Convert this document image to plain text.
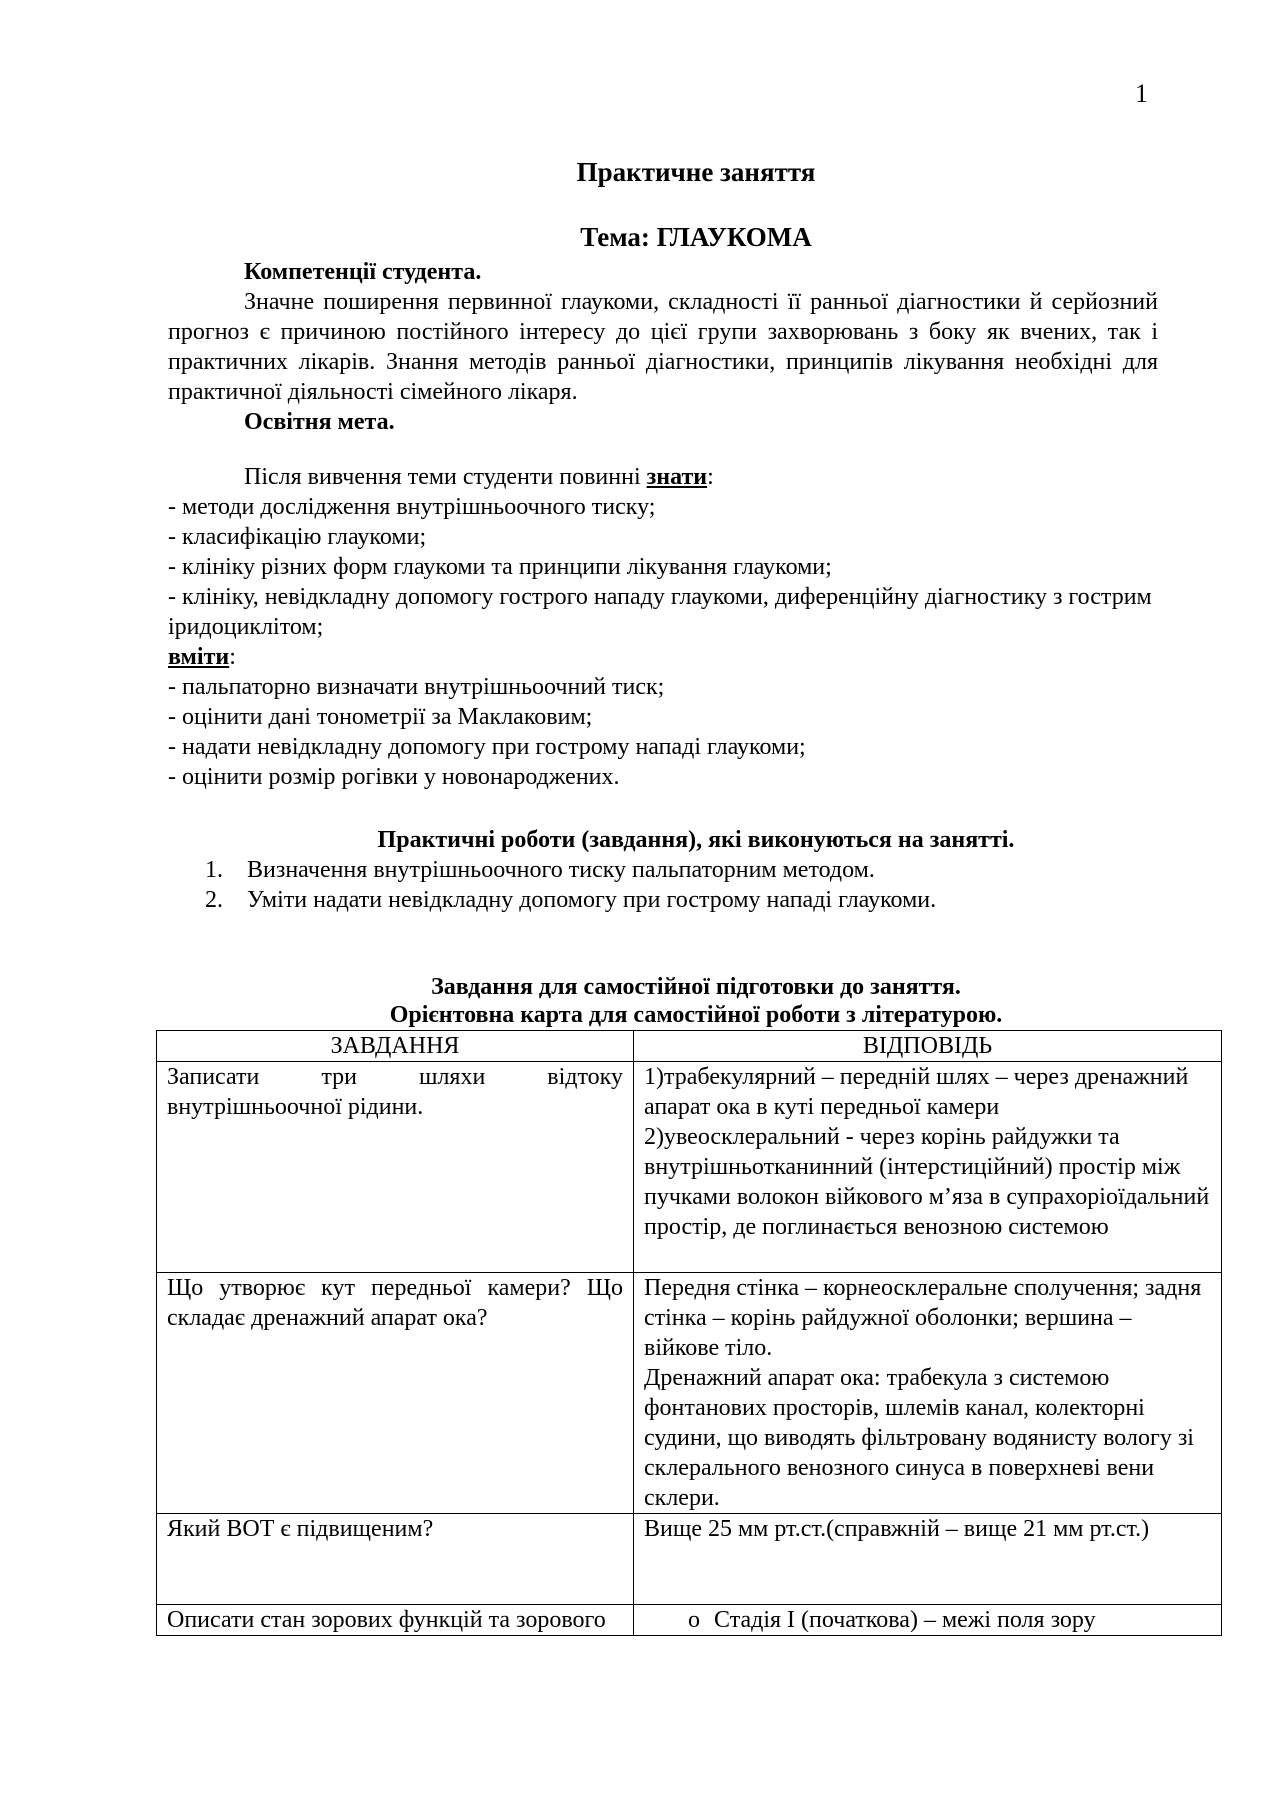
1
Практичне заняття
Тема: ГЛАУКОМА

Компетенції студента.

Значне поширення первинної глаукоми, складності її ранньої діагностики й серйозний прогноз є причиною постійного інтересу до цієї групи захворювань з боку як вчених, так і практичних лікарів. Знання методів ранньої діагностики, принципів лікування необхідні для практичної діяльності сімейного лікаря.

Освітня мета.

Після вивчення теми студенти повинні знати:

- методи дослідження внутрішньоочного тиску;

- класифікацію глаукоми;

- клініку різних форм глаукоми та принципи лікування глаукоми;

- клініку, невідкладну допомогу гострого нападу глаукоми, диференційну діагностику з гострим іридоциклітом;

вміти:

- пальпаторно визначати внутрішньоочний тиск;

- оцінити дані тонометрії за Маклаковим;

- надати невідкладну допомогу при гострому нападі глаукоми;

- оцінити розмір рогівки у новонароджених.

Практичні роботи (завдання), які виконуються на занятті.
1. Визначення внутрішньоочного тиску пальпаторним методом.
2. Уміти надати невідкладну допомогу при гострому нападі глаукоми.
Завдання для самостійної підготовки до заняття.
Орієнтовна карта для самостійної роботи з літературою.
ЗАВДАННЯ	ВІДПОВІДЬ

Записати три шляхи відтоку внутрішньоочної рідини.	1)трабекулярний – передній шлях – через дренажний апарат ока в куті передньої камери

2)увеосклеральний - через корінь райдужки та внутрішньотканинний (інтерстиційний) простір між пучками волокон війкового м’яза в супрахоріоїдальний простір, де поглинається венозною системою

Що утворює кут передньої камери? Що складає дренажний апарат ока?	Передня стінка – корнеосклеральне сполучення; задня стінка – корінь райдужної оболонки; вершина – війкове тіло.

Дренажний апарат ока: трабекула з системою фонтанових просторів, шлемів канал, колекторні судини, що виводять фільтровану водянисту вологу зі склерального венозного синуса в поверхневі вени склери.

Який ВОТ є підвищеним?	Вище 25 мм рт.ст.(справжній – вище 21 мм рт.ст.)

Описати стан зорових функцій та зорового	o Стадія І (початкова) – межі поля зору
